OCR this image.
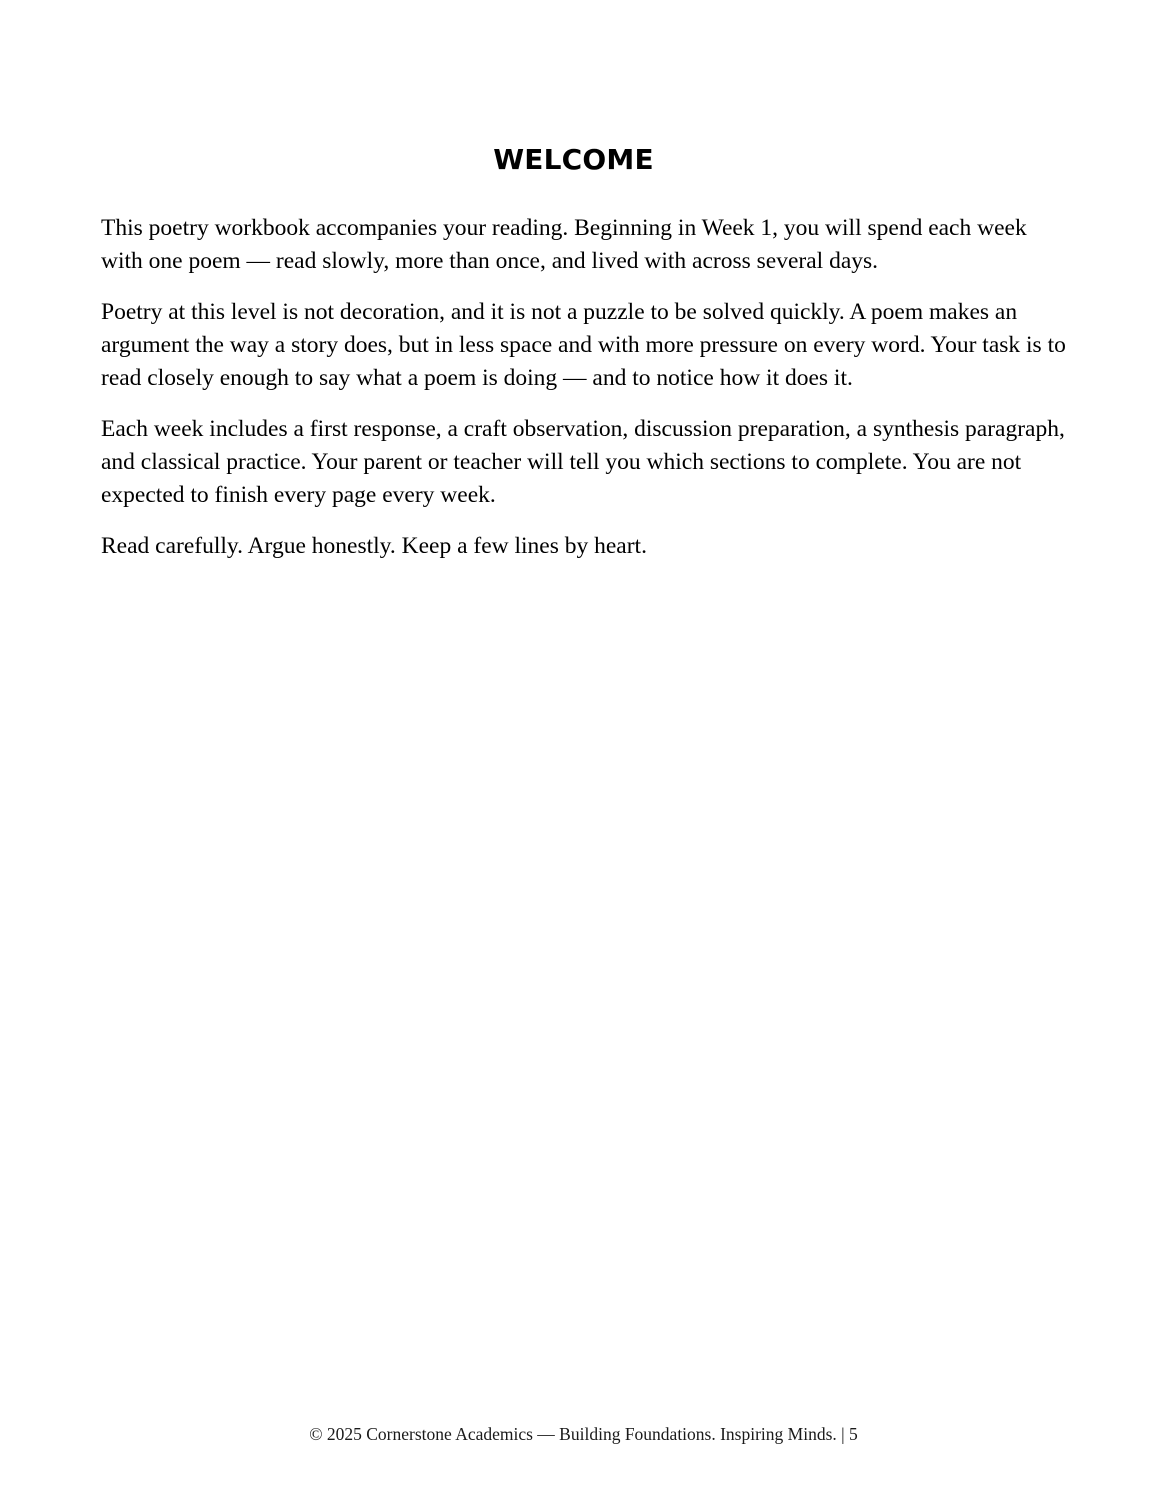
WELCOME

This poetry workbook accompanies your reading. Beginning in Week 1, you will spend each week with one poem — read slowly, more than once, and lived with across several days.

Poetry at this level is not decoration, and it is not a puzzle to be solved quickly. A poem makes an argument the way a story does, but in less space and with more pressure on every word. Your task is to read closely enough to say what a poem is doing — and to notice how it does it.

Each week includes a first response, a craft observation, discussion preparation, a synthesis paragraph, and classical practice. Your parent or teacher will tell you which sections to complete. You are not expected to finish every page every week.

Read carefully. Argue honestly. Keep a few lines by heart.

© 2025 Cornerstone Academics — Building Foundations. Inspiring Minds. | 5
